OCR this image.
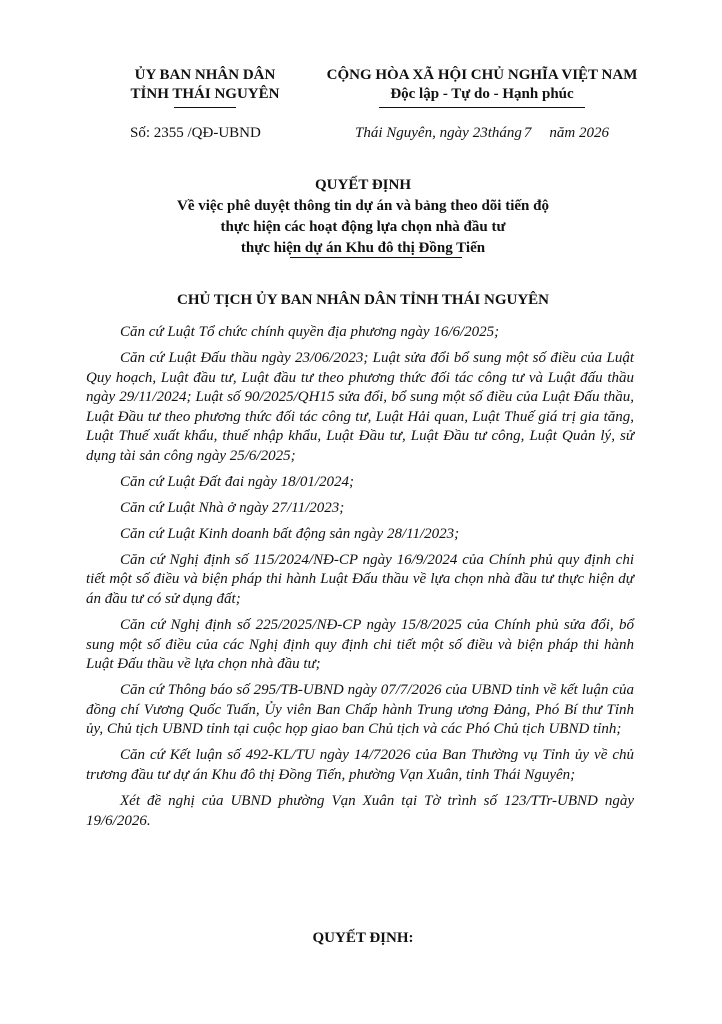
ỦY BAN NHÂN DÂN
TỈNH THÁI NGUYÊN
CỘNG HÒA XÃ HỘI CHỦ NGHĨA VIỆT NAM
Độc lập - Tự do - Hạnh phúc
Số: 2355 /QĐ-UBND	Thái Nguyên, ngày 23tháng 7 năm 2026
QUYẾT ĐỊNH
Về việc phê duyệt thông tin dự án và bảng theo dõi tiến độ
thực hiện các hoạt động lựa chọn nhà đầu tư
thực hiện dự án Khu đô thị Đồng Tiến
CHỦ TỊCH ỦY BAN NHÂN DÂN TỈNH THÁI NGUYÊN

Căn cứ Luật Tổ chức chính quyền địa phương ngày 16/6/2025;

Căn cứ Luật Đấu thầu ngày 23/06/2023; Luật sửa đổi bổ sung một số điều của Luật Quy hoạch, Luật đầu tư, Luật đầu tư theo phương thức đối tác công tư và Luật đấu thầu ngày 29/11/2024; Luật số 90/2025/QH15 sửa đổi, bổ sung một số điều của Luật Đấu thầu, Luật Đầu tư theo phương thức đối tác công tư, Luật Hải quan, Luật Thuế giá trị gia tăng, Luật Thuế xuất khẩu, thuế nhập khẩu, Luật Đầu tư, Luật Đầu tư công, Luật Quản lý, sử dụng tài sản công ngày 25/6/2025;

Căn cứ Luật Đất đai ngày 18/01/2024;

Căn cứ Luật Nhà ở ngày 27/11/2023;

Căn cứ Luật Kinh doanh bất động sản ngày 28/11/2023;

Căn cứ Nghị định số 115/2024/NĐ-CP ngày 16/9/2024 của Chính phủ quy định chi tiết một số điều và biện pháp thi hành Luật Đấu thầu về lựa chọn nhà đầu tư thực hiện dự án đầu tư có sử dụng đất;

Căn cứ Nghị định số 225/2025/NĐ-CP ngày 15/8/2025 của Chính phủ sửa đổi, bổ sung một số điều của các Nghị định quy định chi tiết một số điều và biện pháp thi hành Luật Đấu thầu về lựa chọn nhà đầu tư;

Căn cứ Thông báo số 295/TB-UBND ngày 07/7/2026 của UBND tỉnh về kết luận của đồng chí Vương Quốc Tuấn, Ủy viên Ban Chấp hành Trung ương Đảng, Phó Bí thư Tỉnh ủy, Chủ tịch UBND tỉnh tại cuộc họp giao ban Chủ tịch và các Phó Chủ tịch UBND tỉnh;

Căn cứ Kết luận số 492-KL/TU ngày 14/72026 của Ban Thường vụ Tỉnh ủy về chủ trương đầu tư dự án Khu đô thị Đồng Tiến, phường Vạn Xuân, tỉnh Thái Nguyên;

Xét đề nghị của UBND phường Vạn Xuân tại Tờ trình số 123/TTr-UBND ngày 19/6/2026.

QUYẾT ĐỊNH:
